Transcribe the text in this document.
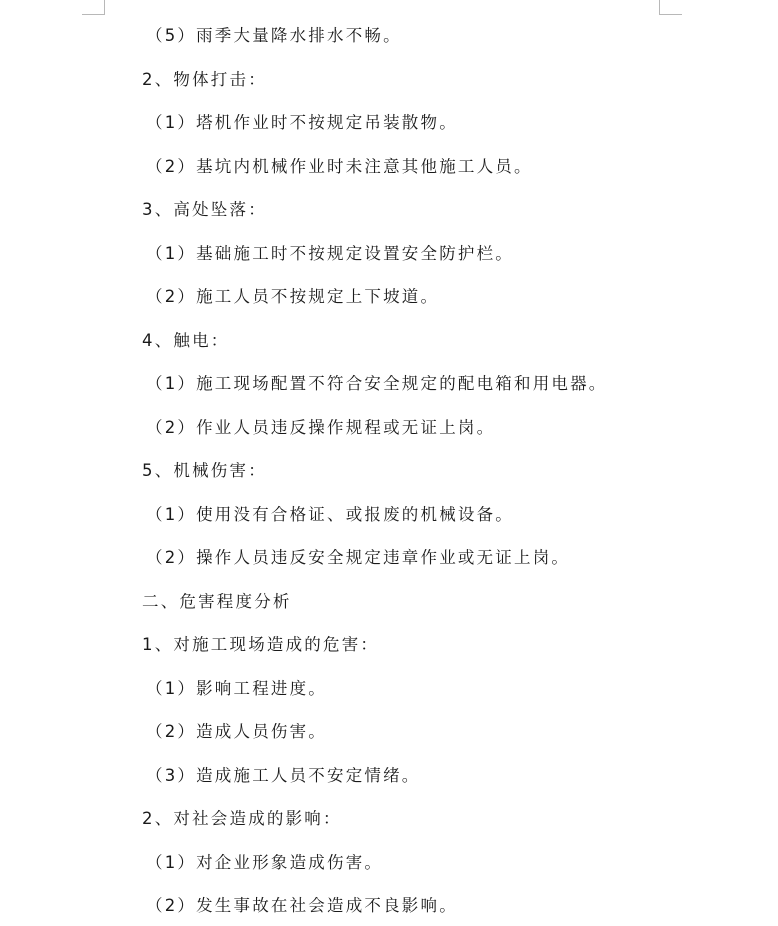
（5）雨季大量降水排水不畅。
2、物体打击：
（1）塔机作业时不按规定吊装散物。
（2）基坑内机械作业时未注意其他施工人员。
3、高处坠落：
（1）基础施工时不按规定设置安全防护栏。
（2）施工人员不按规定上下坡道。
4、触电：
（1）施工现场配置不符合安全规定的配电箱和用电器。
（2）作业人员违反操作规程或无证上岗。
5、机械伤害：
（1）使用没有合格证、或报废的机械设备。
（2）操作人员违反安全规定违章作业或无证上岗。
二、危害程度分析
1、对施工现场造成的危害：
（1）影响工程进度。
（2）造成人员伤害。
（3）造成施工人员不安定情绪。
2、对社会造成的影响：
（1）对企业形象造成伤害。
（2）发生事故在社会造成不良影响。
